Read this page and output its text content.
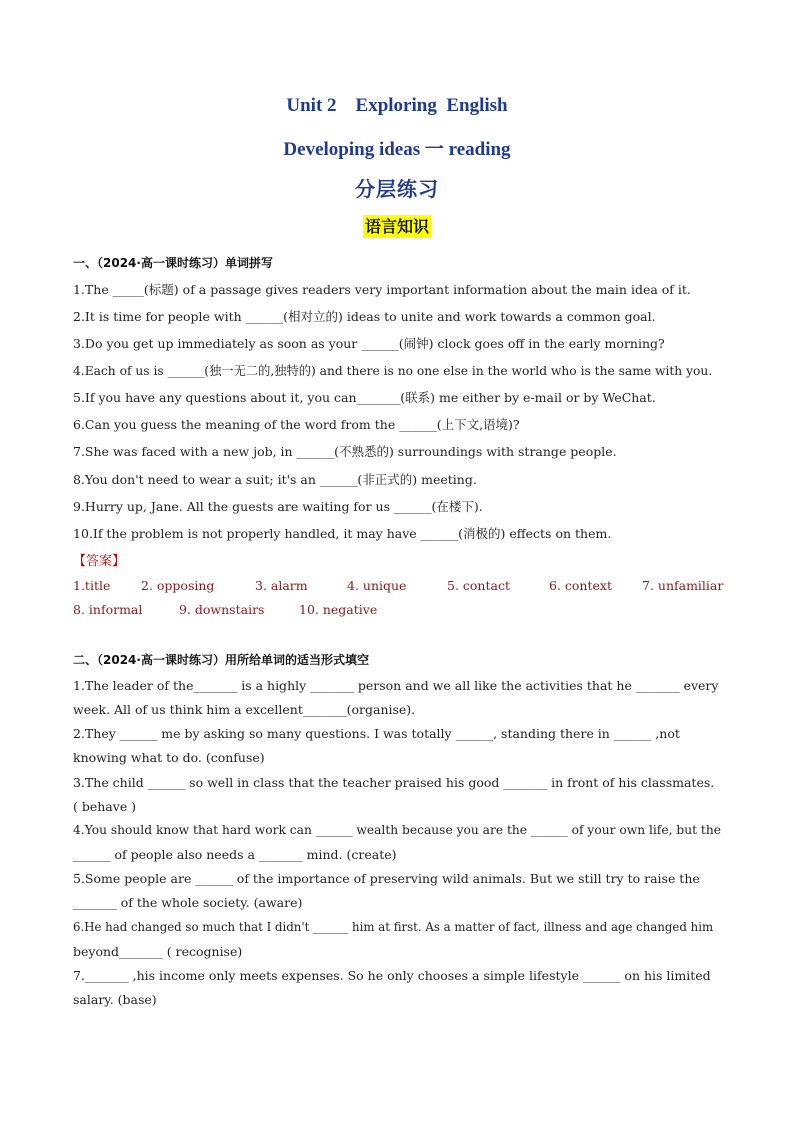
Unit 2    Exploring  English
Developing ideas 一 reading
分层练习
语言知识
一、（2024·高一课时练习）单词拼写
1.The _____(标题) of a passage gives readers very important information about the main idea of it.
2.It is time for people with ______(相对立的) ideas to unite and work towards a common goal.
3.Do you get up immediately as soon as your ______(闹钟) clock goes off in the early morning?
4.Each of us is ______(独一无二的,独特的) and there is no one else in the world who is the same with you.
5.If you have any questions about it, you can_______(联系) me either by e-mail or by WeChat.
6.Can you guess the meaning of the word from the ______(上下文,语境)?
7.She was faced with a new job, in ______(不熟悉的) surroundings with strange people.
8.You don't need to wear a suit; it's an ______(非正式的) meeting.
9.Hurry up, Jane. All the guests are waiting for us ______(在楼下).
10.If the problem is not properly handled, it may have ______(消极的) effects on them.
【答案】
1.title 2. opposing	3. alarm	4. unique	5. contact	6. context 7. unfamiliar
8. informal	9. downstairs	10. negative
二、（2024·高一课时练习）用所给单词的适当形式填空
1.The leader of the_______ is a highly _______ person and we all like the activities that he _______ every
week. All of us think him a excellent_______(organise).
2.They ______ me by asking so many questions. I was totally ______, standing there in ______ ,not
knowing what to do. (confuse)
3.The child ______ so well in class that the teacher praised his good _______ in front of his classmates.
( behave )
4.You should know that hard work can ______ wealth because you are the ______ of your own life, but the
______ of people also needs a _______ mind. (create)
5.Some people are ______ of the importance of preserving wild animals. But we still try to raise the
_______ of the whole society. (aware)
6.He had changed so much that I didn't ______ him at first. As a matter of fact, illness and age changed him
beyond_______ ( recognise)
7._______ ,his income only meets expenses. So he only chooses a simple lifestyle ______ on his limited
salary. (base)
